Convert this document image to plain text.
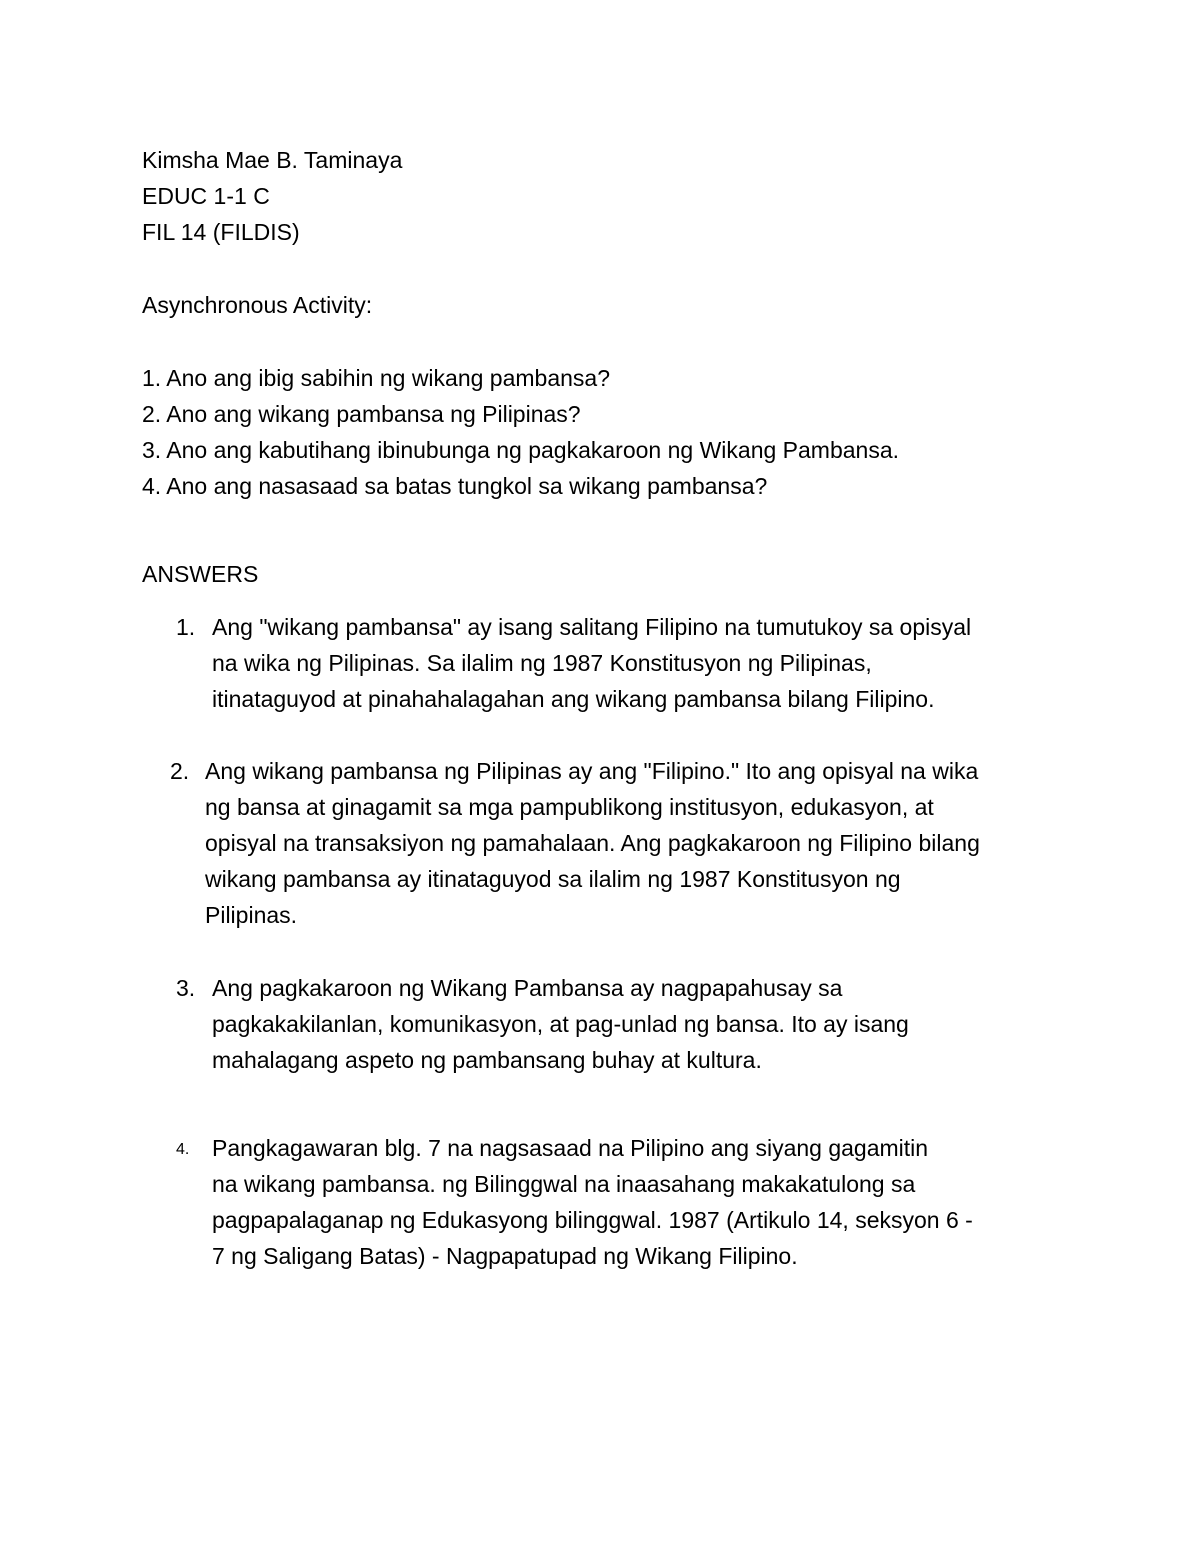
Kimsha Mae B. Taminaya
EDUC 1-1 C
FIL 14 (FILDIS)
Asynchronous Activity:
1. Ano ang ibig sabihin ng wikang pambansa?
2. Ano ang wikang pambansa ng Pilipinas?
3. Ano ang kabutihang ibinubunga ng pagkakaroon ng Wikang Pambansa.
4. Ano ang nasasaad sa batas tungkol sa wikang pambansa?
ANSWERS
1. Ang "wikang pambansa" ay isang salitang Filipino na tumutukoy sa opisyal
na wika ng Pilipinas. Sa ilalim ng 1987 Konstitusyon ng Pilipinas,
itinataguyod at pinahahalagahan ang wikang pambansa bilang Filipino.
2. Ang wikang pambansa ng Pilipinas ay ang "Filipino." Ito ang opisyal na wika
ng bansa at ginagamit sa mga pampublikong institusyon, edukasyon, at
opisyal na transaksiyon ng pamahalaan. Ang pagkakaroon ng Filipino bilang
wikang pambansa ay itinataguyod sa ilalim ng 1987 Konstitusyon ng
Pilipinas.
3. Ang pagkakaroon ng Wikang Pambansa ay nagpapahusay sa
pagkakakilanlan, komunikasyon, at pag-unlad ng bansa. Ito ay isang
mahalagang aspeto ng pambansang buhay at kultura.
4. Pangkagawaran blg. 7 na nagsasaad na Pilipino ang siyang gagamitin
na wikang pambansa. ng Bilinggwal na inaasahang makakatulong sa
pagpapalaganap ng Edukasyong bilinggwal. 1987 (Artikulo 14, seksyon 6 -
7 ng Saligang Batas) - Nagpapatupad ng Wikang Filipino.
